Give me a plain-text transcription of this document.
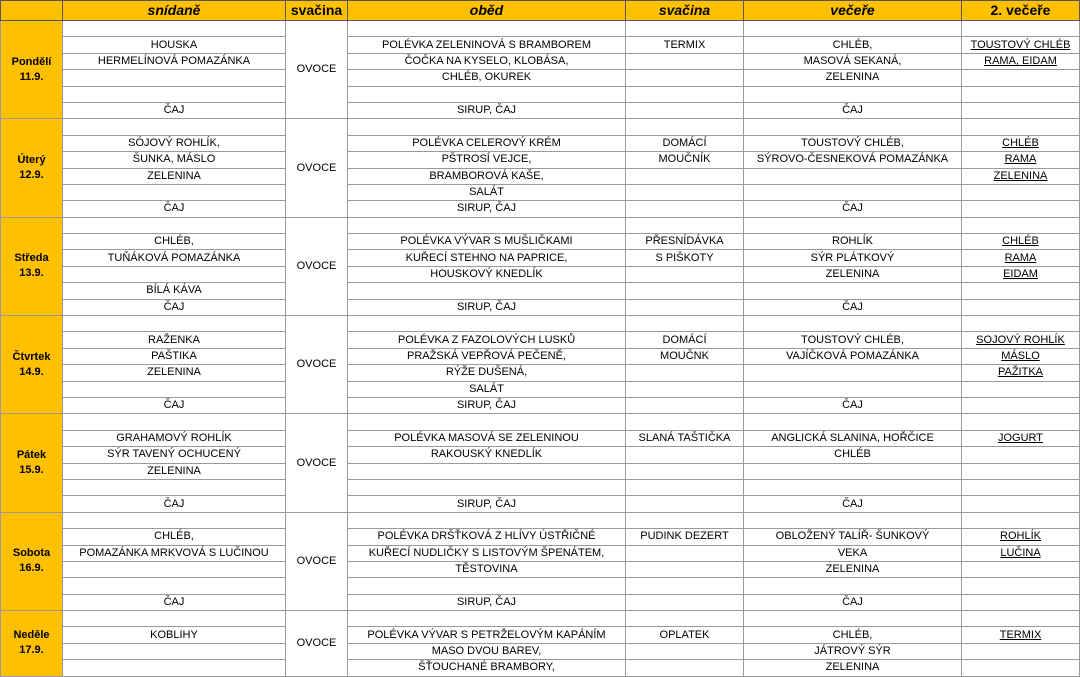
	snídaně	svačina	oběd	svačina	večeře	2. večeře

Pondělí
11.9.		OVOCE				
	HOUSKA		POLÉVKA ZELENINOVÁ S BRAMBOREM	TERMIX	CHLÉB,	TOUSTOVÝ CHLÉB
	HERMELÍNOVÁ POMAZÁNKA		ČOČKA NA KYSELO, KLOBÁSA,		MASOVÁ SEKANÁ,	RAMA, EIDAM
			CHLÉB, OKUREK		ZELENINA	

	ČAJ		SIRUP, ČAJ		ČAJ	

Úterý
12.9.		OVOCE				
	SÓJOVÝ ROHLÍK,		POLÉVKA CELEROVÝ KRÉM	DOMÁCÍ	TOUSTOVÝ CHLÉB,	CHLÉB
	ŠUNKA, MÁSLO		PŠTROSÍ VEJCE,	MOUČNÍK	SÝROVO-ČESNEKOVÁ POMAZÁNKA	RAMA
	ZELENINA		BRAMBOROVÁ KAŠE,			ZELENINA
			SALÁT			
	ČAJ		SIRUP, ČAJ		ČAJ	

Středa
13.9.		OVOCE				
	CHLÉB,		POLÉVKA VÝVAR S MUŠLIČKAMI	PŘESNÍDÁVKA	ROHLÍK	CHLÉB
	TUŇÁKOVÁ POMAZÁNKA		KUŘECÍ STEHNO NA PAPRICE,	S PIŠKOTY	SÝR PLÁTKOVÝ	RAMA
			HOUSKOVÝ KNEDLÍK		ZELENINA	EIDAM
	BÍLÁ KÁVA					
	ČAJ		SIRUP, ČAJ		ČAJ	

Čtvrtek
14.9.		OVOCE				
	RAŽENKA		POLÉVKA Z FAZOLOVÝCH LUSKŮ	DOMÁCÍ	TOUSTOVÝ CHLÉB,	SOJOVÝ ROHLÍK
	PAŠTIKA		PRAŽSKÁ VEPŘOVÁ PEČENĚ,	MOUČNK	VAJÍČKOVÁ POMAZÁNKA	MÁSLO
	ZELENINA		RÝŽE DUŠENÁ,			PAŽITKA
			SALÁT			
	ČAJ		SIRUP, ČAJ		ČAJ	

Pátek
15.9.		OVOCE				
	GRAHAMOVÝ ROHLÍK		POLÉVKA MASOVÁ SE ZELENINOU	SLANÁ TAŠTIČKA	ANGLICKÁ SLANINA, HOŘČICE	JOGURT
	SÝR TAVENÝ OCHUCENÝ		RAKOUSKÝ KNEDLÍK		CHLÉB	
	ZELENINA					

	ČAJ		SIRUP, ČAJ		ČAJ	

Sobota
16.9.		OVOCE				
	CHLÉB,		POLÉVKA DRŠŤKOVÁ Z HLÍVY ÚSTŘIČNÉ	PUDINK DEZERT	OBLOŽENÝ TALÍŘ- ŠUNKOVÝ	ROHLÍK
	POMAZÁNKA MRKVOVÁ S LUČINOU		KUŘECÍ NUDLIČKY S LISTOVÝM ŠPENÁTEM,		VEKA	LUČINA
			TĚSTOVINA		ZELENINA	

	ČAJ		SIRUP, ČAJ		ČAJ	

Neděle
17.9.		OVOCE				
	KOBLIHY		POLÉVKA VÝVAR S PETRŽELOVÝM KAPÁNÍM	OPLATEK	CHLÉB,	TERMIX
			MASO DVOU BAREV,		JÁTROVÝ SÝR	
			ŠŤOUCHANÉ BRAMBORY,		ZELENINA	
